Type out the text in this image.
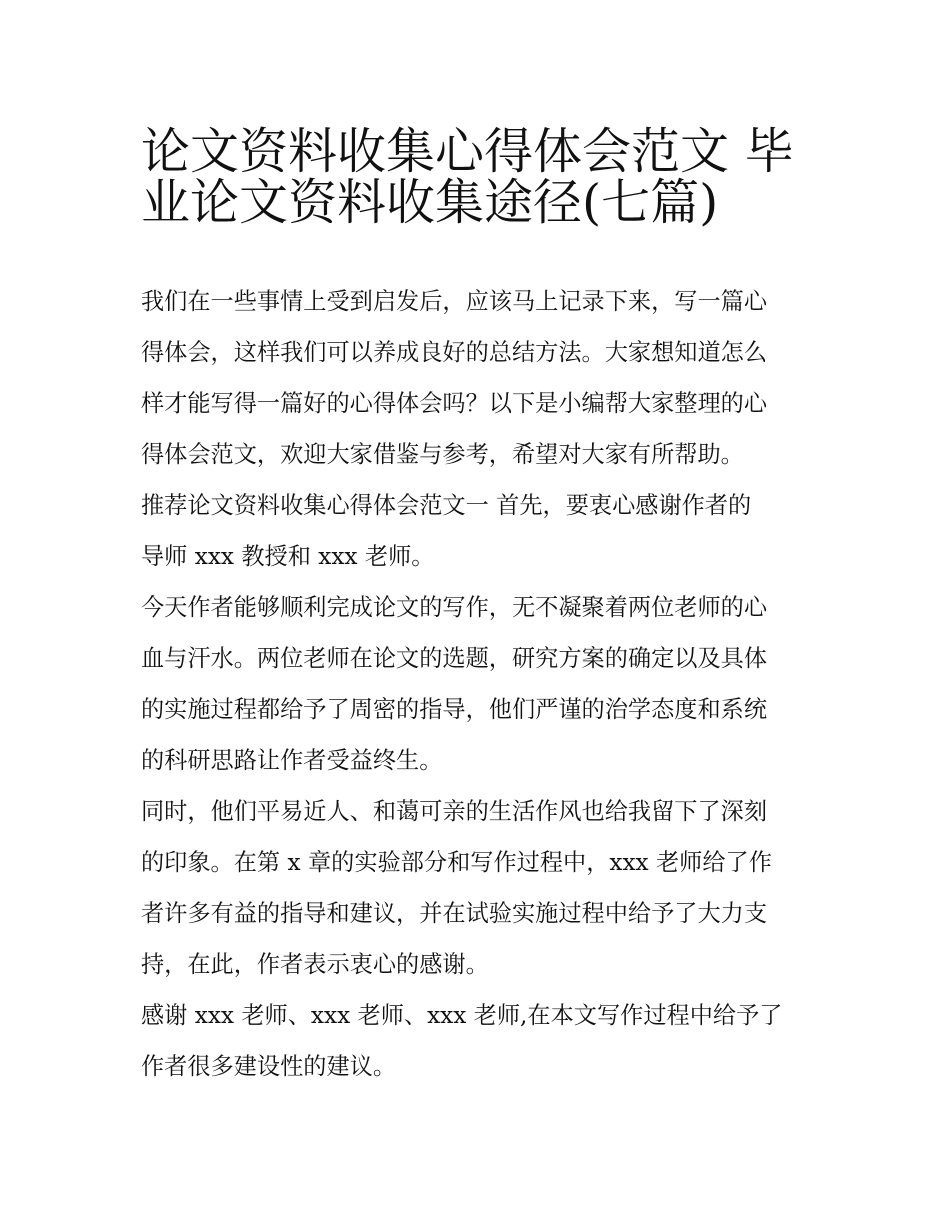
论文资料收集心得体会范文 毕 业论文资料收集途径(七篇)

我们在一些事情上受到启发后，应该马上记录下来，写一篇心
得体会，这样我们可以养成良好的总结方法。大家想知道怎么
样才能写得一篇好的心得体会吗？以下是小编帮大家整理的心
得体会范文，欢迎大家借鉴与参考，希望对大家有所帮助。

推荐论文资料收集心得体会范文一 首先，要衷心感谢作者的
导师 xxx 教授和 xxx 老师。

今天作者能够顺利完成论文的写作，无不凝聚着两位老师的心
血与汗水。两位老师在论文的选题，研究方案的确定以及具体
的实施过程都给予了周密的指导，他们严谨的治学态度和系统
的科研思路让作者受益终生。

同时，他们平易近人、和蔼可亲的生活作风也给我留下了深刻
的印象。在第 x 章的实验部分和写作过程中，xxx 老师给了作
者许多有益的指导和建议，并在试验实施过程中给予了大力支
持，在此，作者表示衷心的感谢。

感谢 xxx 老师、xxx 老师、xxx 老师,在本文写作过程中给予了
作者很多建设性的建议。
